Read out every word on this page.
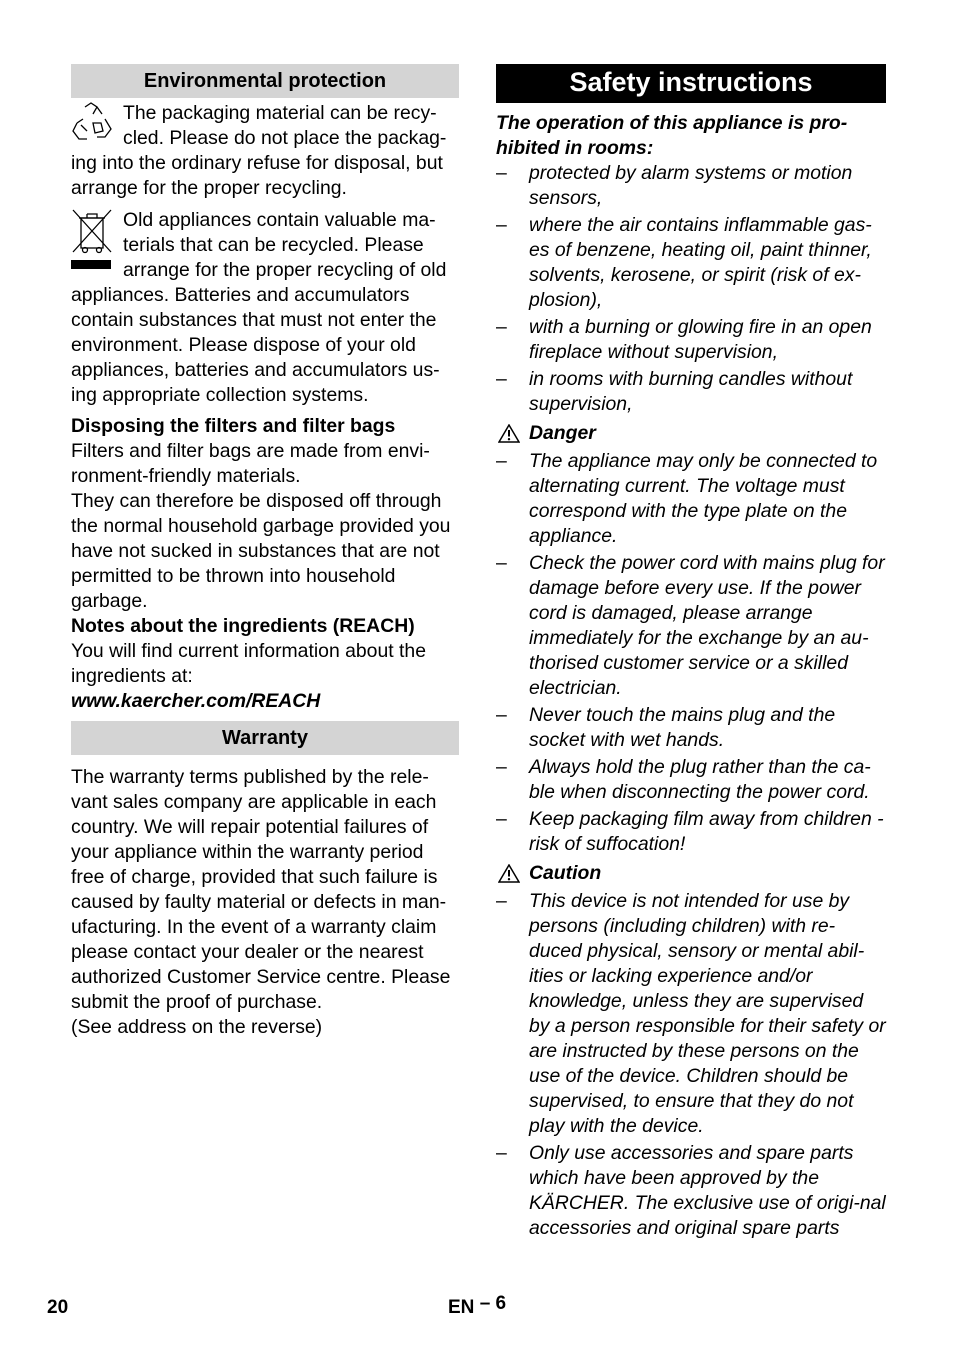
Environmental protection

The packaging material can be recy-cled. Please do not place the packag-ing into the ordinary refuse for disposal, but arrange for the proper recycling.

Old appliances contain valuable ma-terials that can be recycled. Please arrange for the proper recycling of old appliances. Batteries and accumulators contain substances that must not enter the environment. Please dispose of your old appliances, batteries and accumulators us-ing appropriate collection systems.

Disposing the filters and filter bags

Filters and filter bags are made from envi-ronment-friendly materials.

They can therefore be disposed off through the normal household garbage provided you have not sucked in substances that are not permitted to be thrown into household garbage.

Notes about the ingredients (REACH)

You will find current information about the ingredients at:

www.kaercher.com/REACH

Warranty

The warranty terms published by the rele-vant sales company are applicable in each country. We will repair potential failures of your appliance within the warranty period free of charge, provided that such failure is caused by faulty material or defects in man-ufacturing. In the event of a warranty claim please contact your dealer or the nearest authorized Customer Service centre. Please submit the proof of purchase.

(See address on the reverse)

Safety instructions

The operation of this appliance is pro-hibited in rooms:

– protected by alarm systems or motion sensors,
– where the air contains inflammable gas-es of benzene, heating oil, paint thinner, solvents, kerosene, or spirit (risk of ex-plosion),
– with a burning or glowing fire in an open fireplace without supervision,
– in rooms with burning candles without supervision,
Danger
– The appliance may only be connected to alternating current. The voltage must correspond with the type plate on the appliance.
– Check the power cord with mains plug for damage before every use. If the power cord is damaged, please arrange immediately for the exchange by an au-thorised customer service or a skilled electrician.
– Never touch the mains plug and the socket with wet hands.
– Always hold the plug rather than the ca-ble when disconnecting the power cord.
– Keep packaging film away from children - risk of suffocation!
Caution
– This device is not intended for use by persons (including children) with re-duced physical, sensory or mental abil-ities or lacking experience and/or knowledge, unless they are supervised by a person responsible for their safety or are instructed by these persons on the use of the device. Children should be supervised, to ensure that they do not play with the device.
– Only use accessories and spare parts which have been approved by the KÄRCHER. The exclusive use of origi-nal accessories and original spare parts
20	EN – 6
